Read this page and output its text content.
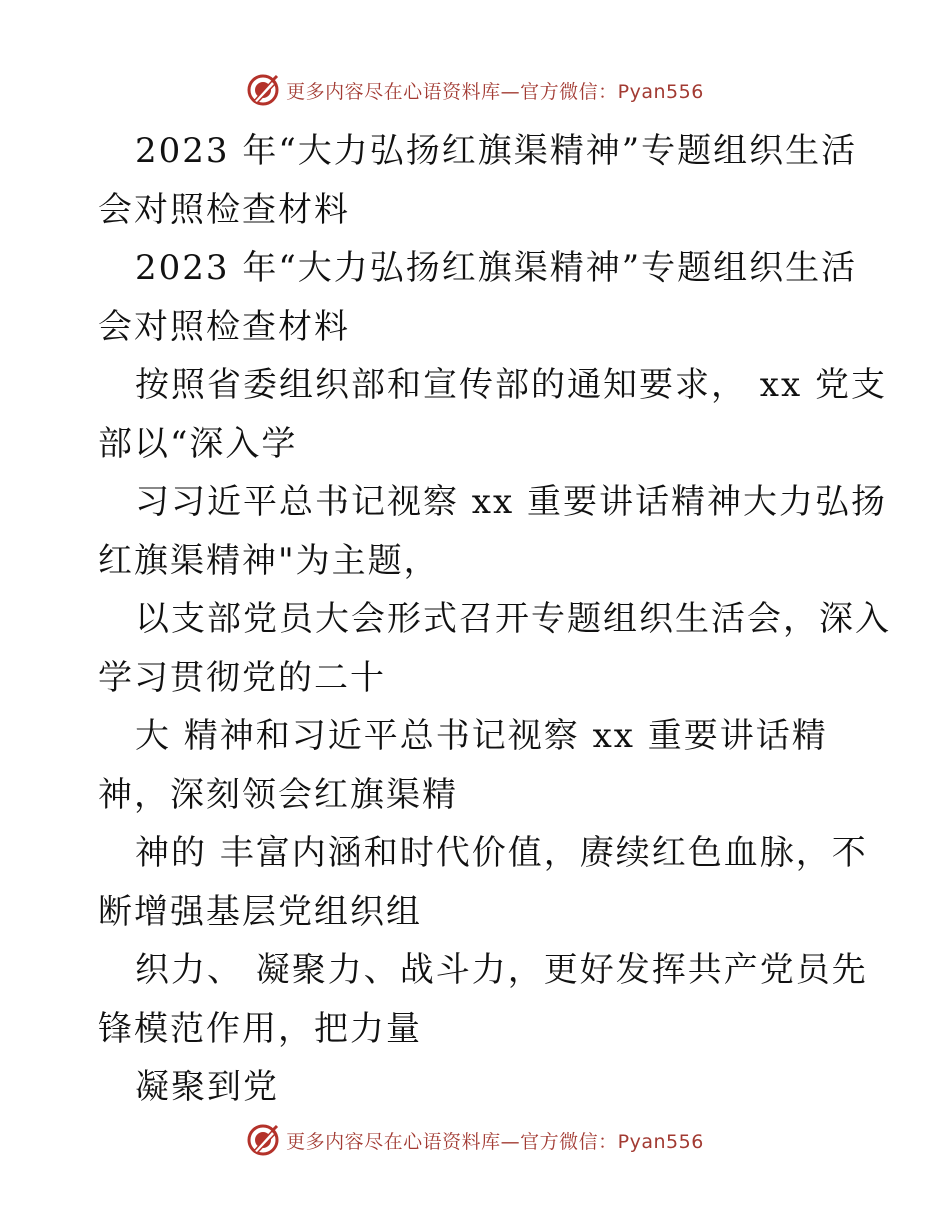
更多内容尽在心语资料库—官方微信：Pyan556
2023 年“大力弘扬红旗渠精神”专题组织生活
会对照检查材料
2023 年“大力弘扬红旗渠精神”专题组织生活
会对照检查材料
按照省委组织部和宣传部的通知要求， xx 党支
部以“深入学
习习近平总书记视察 xx 重要讲话精神大力弘扬
红旗渠精神"为主题，
以支部党员大会形式召开专题组织生活会，深入
学习贯彻党的二十
大 精神和习近平总书记视察 xx 重要讲话精
神，深刻领会红旗渠精
神的 丰富内涵和时代价值，赓续红色血脉，不
断增强基层党组织组
织力、 凝聚力、战斗力，更好发挥共产党员先
锋模范作用，把力量
凝聚到党
更多内容尽在心语资料库—官方微信：Pyan556
